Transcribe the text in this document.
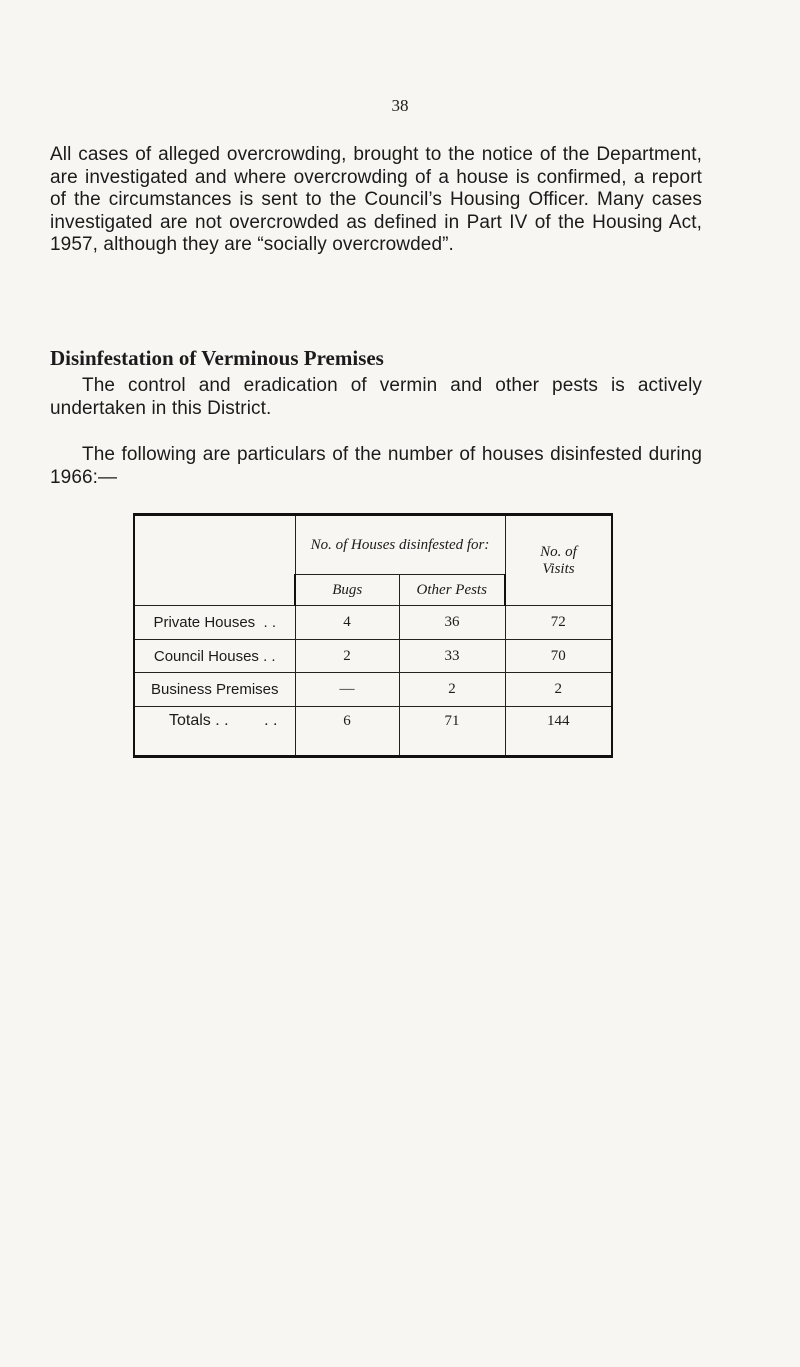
38

All cases of alleged overcrowding, brought to the notice of the Department, are investigated and where overcrowding of a house is confirmed, a report of the circumstances is sent to the Council’s Housing Officer. Many cases investigated are not overcrowded as defined in Part IV of the Housing Act, 1957, although they are “socially overcrowded”.

Disinfestation of Verminous Premises

The control and eradication of vermin and other pests is actively undertaken in this District.

The following are particulars of the number of houses disinfested during 1966:—

	No. of Houses disinfested for:		No. of Visits
	Bugs	Other Pests	
Private Houses  . .	4	36	72
Council Houses . .	2	33	70
Business Premises	—	2	2
Totals . .        . .	6	71	144
